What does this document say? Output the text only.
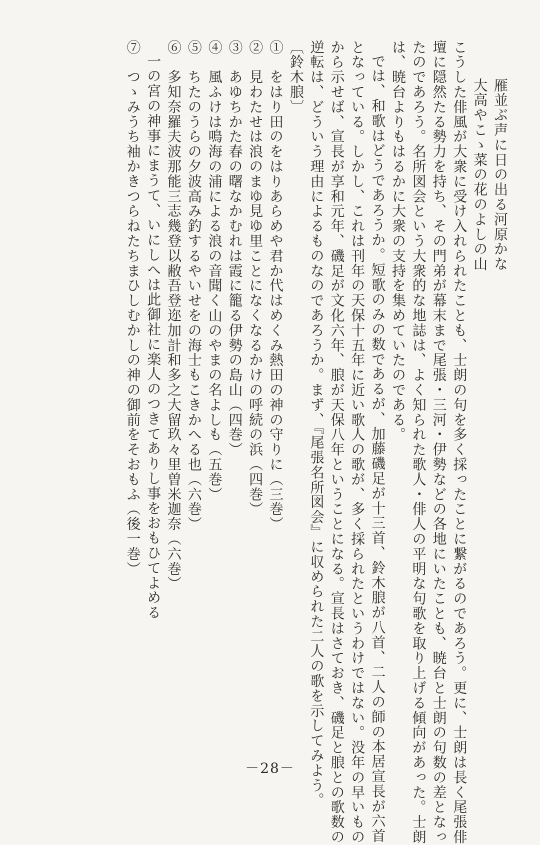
雁並ぶ声に日の出る河原かな
大高やこゝ菜の花のよしの山
こうした俳風が大衆に受け入れられたことも、士朗の句を多く採ったことに繋がるのであろう。更に、士朗は長く尾張俳
壇に隠然たる勢力を持ち、その門弟が幕末まで尾張・三河・伊勢などの各地にいたことも、暁台と士朗の句数の差となっ
たのであろう。名所図会という大衆的な地誌は、よく知られた歌人・俳人の平明な句歌を取り上げる傾向があった。士朗
は、暁台よりもはるかに大衆の支持を集めていたのである。
では、和歌はどうであろうか。短歌のみの数であるが、加藤磯足が十三首、鈴木朖が八首、二人の師の本居宣長が六首
となっている。しかし、これは刊年の天保十五年に近い歌人の歌が、多く採られたというわけではない。没年の早いもの
から示せば、宣長が享和元年、磯足が文化六年、朖が天保八年ということになる。宣長はさておき、磯足と朖との歌数の
逆転は、どういう理由によるものなのであろうか。まず、『尾張名所図会』に収められた二人の歌を示してみよう。
〔鈴木朖〕
①　をはり田のをはりあらめや君か代はめくみ熱田の神の守りに（三巻）
②　見わたせは浪のまゆ見ゆ里ことになくなるかけの呼続の浜（四巻）
③　あゆちかた春の曙なかむれは霞に籠る伊勢の島山（四巻）
④　風ふけは鳴海の浦による浪の音聞く山のやまの名よしも（五巻）
⑤　ちたのうらの夕波高み釣するやいせをの海士もこきかへる也（六巻）
⑥　多知奈羅夫波那能三志幾登以敝吾登迩加計和多之大留玖々里曽米迦奈（六巻）
一の宮の神事にまうて、いにしへは此御社に楽人のつきてありし事をおもひてよめる
⑦　つゝみうち袖かきつらねたちまひしむかしの神の御前をそおもふ（後一巻）
－28－
